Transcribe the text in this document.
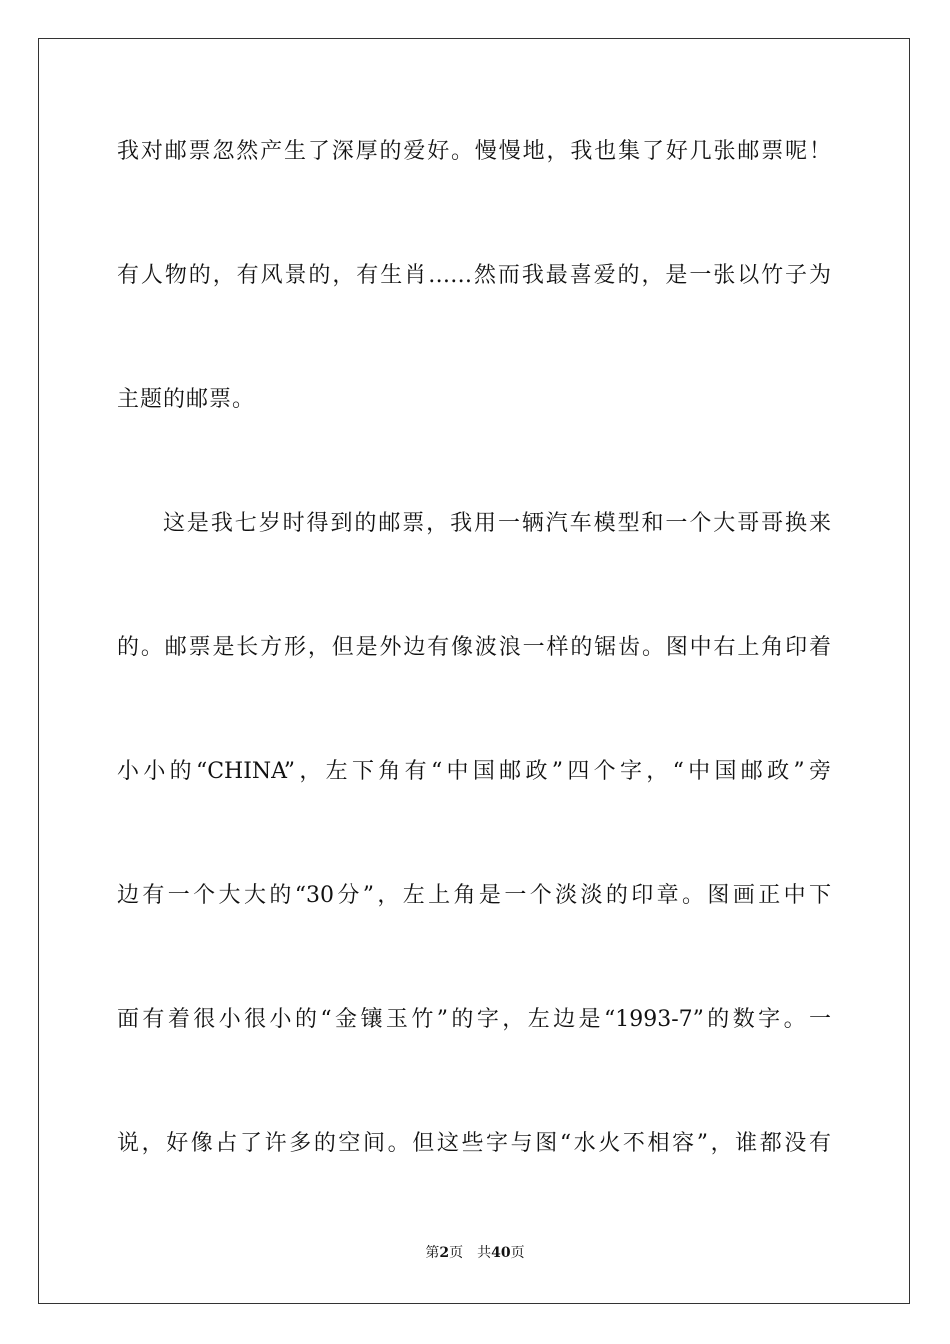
我对邮票忽然产生了深厚的爱好。慢慢地，我也集了好几张邮票呢！
有人物的，有风景的，有生肖……然而我最喜爱的，是一张以竹子为
主题的邮票。
这是我七岁时得到的邮票，我用一辆汽车模型和一个大哥哥换来
的。邮票是长方形，但是外边有像波浪一样的锯齿。图中右上角印着
小小的“CHINA”，左下角有“中国邮政”四个字，“中国邮政”旁
边有一个大大的“30分”，左上角是一个淡淡的印章。图画正中下
面有着很小很小的“金镶玉竹”的字，左边是“1993-7”的数字。一
说，好像占了许多的空间。但这些字与图“水火不相容”，谁都没有
第2页  共40页
